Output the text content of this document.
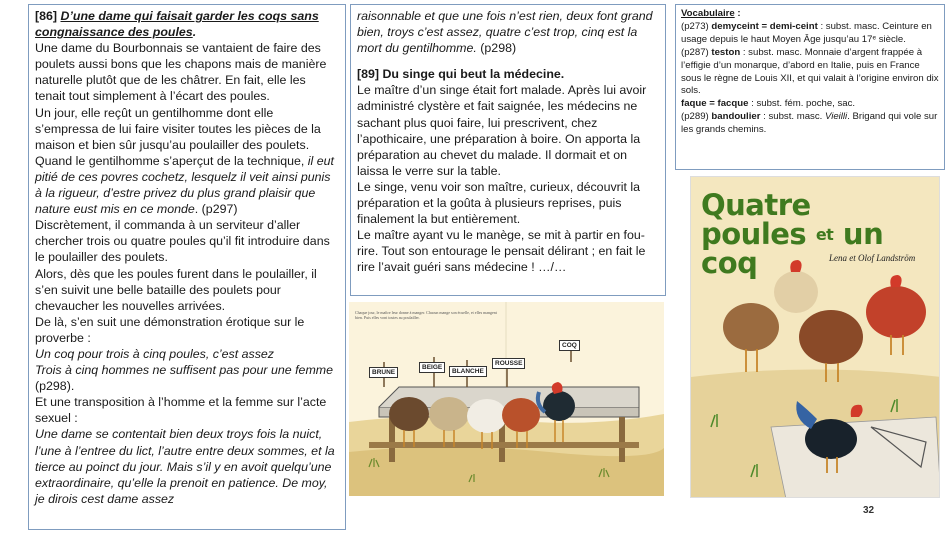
[86] D’une dame qui faisait garder les coqs sans congnaissance des poules.

Une dame du Bourbonnais se vantaient de faire des poulets aussi bons que les chapons mais de manière naturelle plutôt que de les châtrer. En fait, elle les tenait tout simplement à l’écart des poules.

Un jour, elle reçût un gentilhomme dont elle s’empressa de lui faire visiter toutes les pièces de la maison et bien sûr jusqu’au poulailler des poulets.

Quand le gentilhomme s’aperçut de la technique, il eut pitié de ces povres cochetz, lesquelz il veit ainsi punis à la rigueur, d’estre privez du plus grand plaisir que nature eust mis en ce monde. (p297)

Discrètement, il commanda à un serviteur d’aller chercher trois ou quatre poules qu’il fit introduire dans le poulailler des poulets.

Alors, dès que les poules furent dans le poulailler, il s’en suivit une belle bataille des poulets pour chevaucher les nouvelles arrivées.

De là, s’en suit une démonstration érotique sur le proverbe :

Un coq pour trois à cinq poules, c’est assez

Trois à cinq hommes ne suffisent pas pour une femme (p298).

Et une transposition à l’homme et la femme sur l’acte sexuel :

Une dame se contentait bien deux troys fois la nuict, l’une à l’entree du lict, l’autre entre deux sommes, et la tierce au poinct du jour. Mais s’il y en avoit quelqu’une extraordinaire, qu’elle la prenoit en patience. De moy, je dirois cest dame assez

raisonnable et que une fois n’est rien, deux font grand bien, troys c’est assez, quatre c’est trop, cinq est la mort du gentilhomme. (p298)

[89] Du singe qui beut la médecine.

Le maître d’un singe était fort malade. Après lui avoir administré clystère et fait saignée, les médecins ne sachant plus quoi faire, lui prescrivent, chez l’apothicaire, une préparation à boire. On apporta la préparation au chevet du malade. Il dormait et on laissa le verre sur la table.

Le singe, venu voir son maître, curieux, découvrit la préparation et la goûta à plusieurs reprises, puis finalement la but entièrement.

Le maître ayant vu le manège, se mit à partir en fou-rire. Tout son entourage le pensait délirant ; en fait le rire l’avait guéri sans médecine ! …/…

Vocabulaire :

(p273) demyceint = demi-ceint : subst. masc. Ceinture en usage depuis le haut Moyen Âge jusqu’au 17ᵉ siècle.

(p287) teston : subst. masc. Monnaie d’argent frappée à l’effigie d’un monarque, d’abord en Italie, puis en France sous le règne de Louis XII, et qui valait à l’origine environ dix sols.

faque = facque : subst. fém. poche, sac.

(p289) bandoulier : subst. masc. Vieilli. Brigand qui vole sur les grands chemins.

Chaque jour, le maître leur donne à manger. Chacun mange son écuelle, et elles mangent bien. Puis elles vont toutes au poulailler.
BRUNE
BEIGE
BLANCHE
ROUSSE
COQ
Quatre
poules $^{et}$ un coq	Lena et Olof Landström
32
